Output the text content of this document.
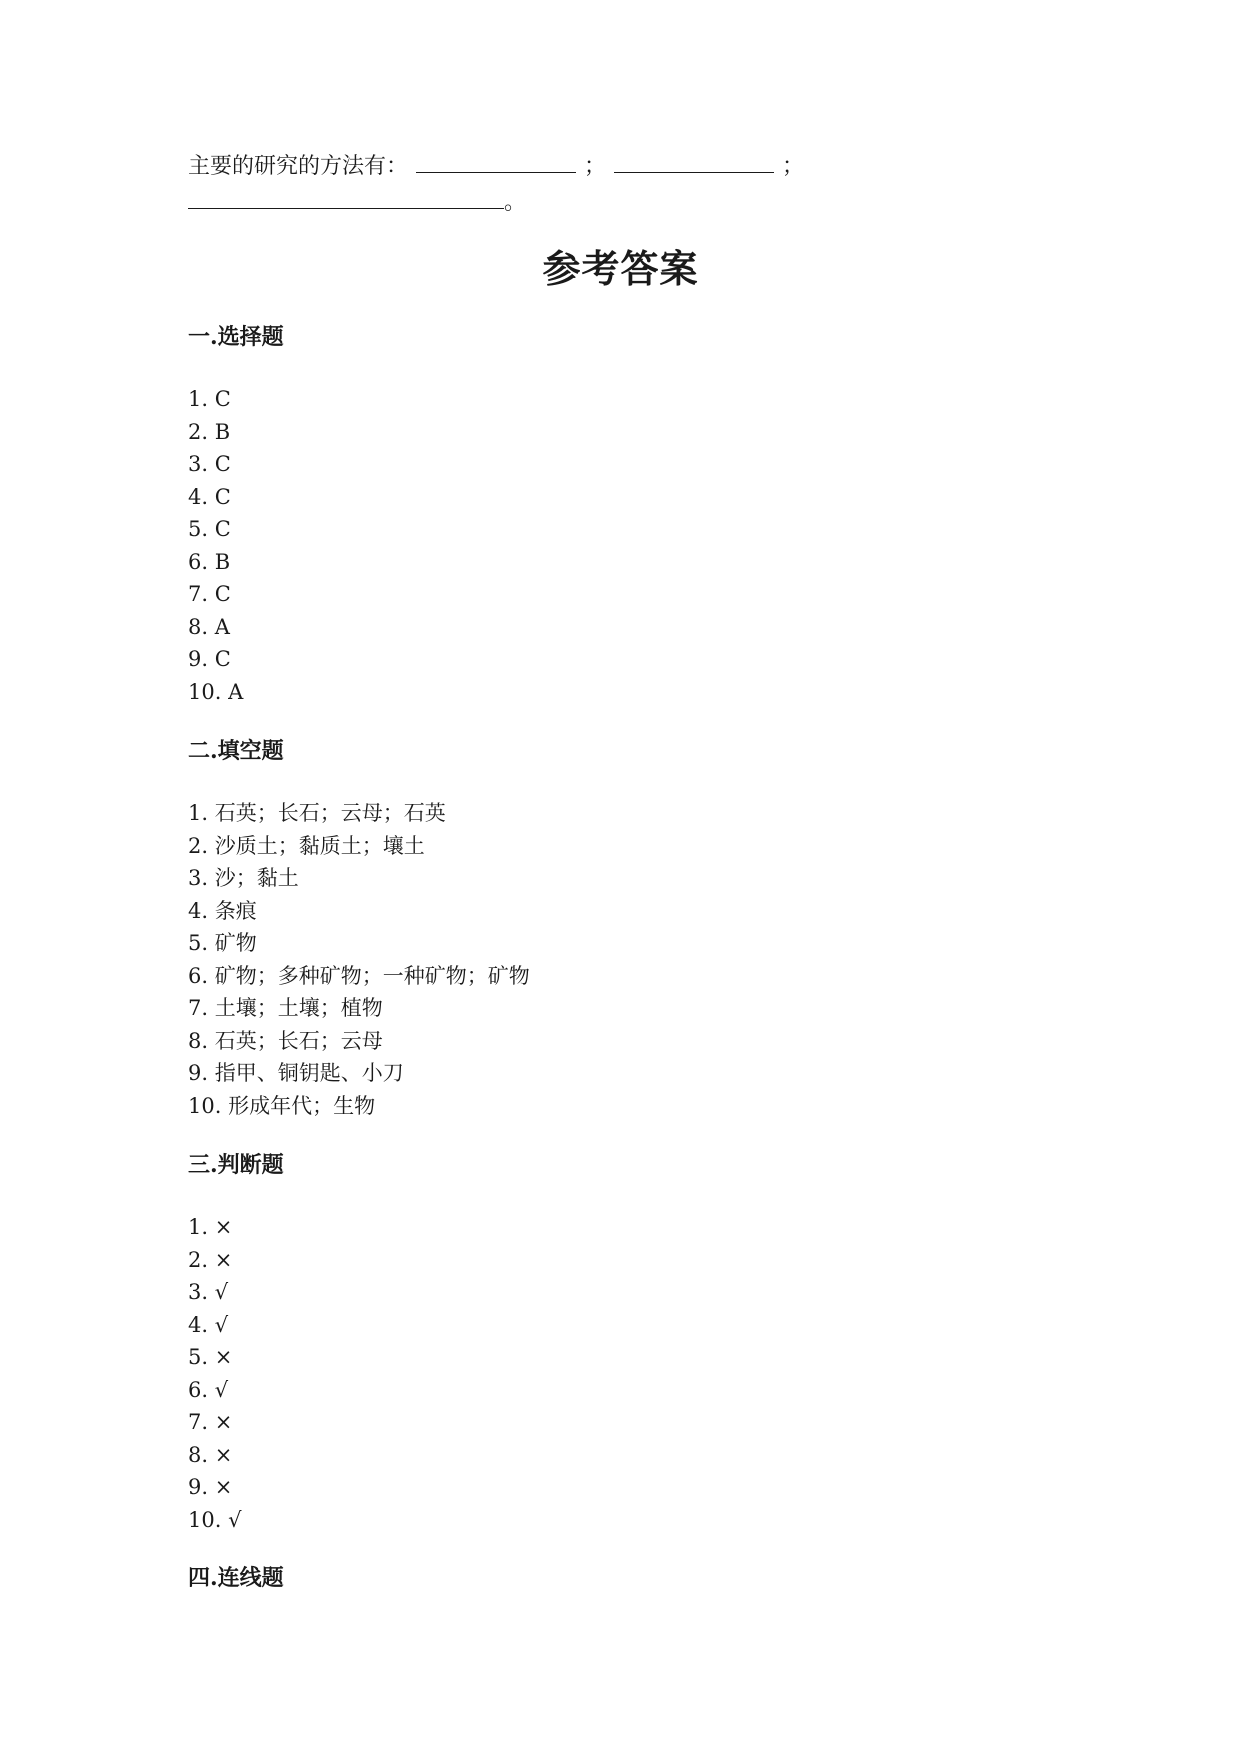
主要的研究的方法有：	；	；
。
参考答案
一.选择题
1. C
2. B
3. C
4. C
5. C
6. B
7. C
8. A
9. C
10. A
二.填空题
1. 石英；长石；云母；石英
2. 沙质土；黏质土；壤土
3. 沙；黏土
4. 条痕
5. 矿物
6. 矿物；多种矿物；一种矿物；矿物
7. 土壤；土壤；植物
8. 石英；长石；云母
9. 指甲、铜钥匙、小刀
10. 形成年代；生物
三.判断题
1. ×
2. ×
3. √
4. √
5. ×
6. √
7. ×
8. ×
9. ×
10. √
四.连线题
